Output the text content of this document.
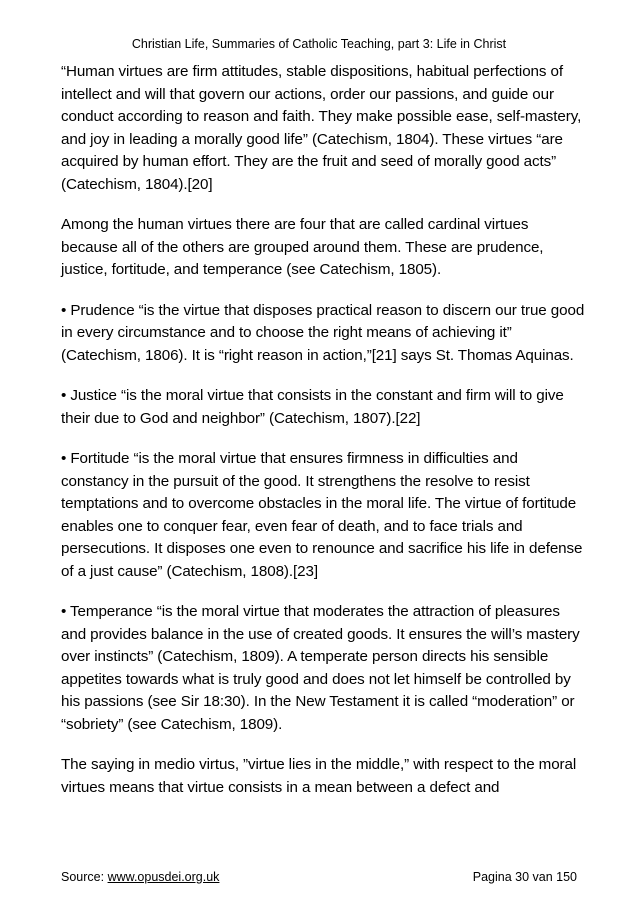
Christian Life, Summaries of Catholic Teaching, part 3: Life in Christ

“Human virtues are firm attitudes, stable dispositions, habitual perfections of intellect and will that govern our actions, order our passions, and guide our conduct according to reason and faith. They make possible ease, self-mastery, and joy in leading a morally good life” (Catechism, 1804). These virtues “are acquired by human effort. They are the fruit and seed of morally good acts” (Catechism, 1804).[20]

Among the human virtues there are four that are called cardinal virtues because all of the others are grouped around them. These are prudence, justice, fortitude, and temperance (see Catechism, 1805).

• Prudence “is the virtue that disposes practical reason to discern our true good in every circumstance and to choose the right means of achieving it” (Catechism, 1806). It is “right reason in action,”[21] says St. Thomas Aquinas.

• Justice “is the moral virtue that consists in the constant and firm will to give their due to God and neighbor” (Catechism, 1807).[22]

• Fortitude “is the moral virtue that ensures firmness in difficulties and constancy in the pursuit of the good. It strengthens the resolve to resist temptations and to overcome obstacles in the moral life. The virtue of fortitude enables one to conquer fear, even fear of death, and to face trials and persecutions. It disposes one even to renounce and sacrifice his life in defense of a just cause” (Catechism, 1808).[23]

• Temperance “is the moral virtue that moderates the attraction of pleasures and provides balance in the use of created goods. It ensures the will’s mastery over instincts” (Catechism, 1809). A temperate person directs his sensible appetites towards what is truly good and does not let himself be controlled by his passions (see Sir 18:30). In the New Testament it is called “moderation” or “sobriety” (see Catechism, 1809).

The saying in medio virtus, ”virtue lies in the middle,” with respect to the moral virtues means that virtue consists in a mean between a defect and

Source: www.opusdei.org.uk	Pagina 30 van 150
